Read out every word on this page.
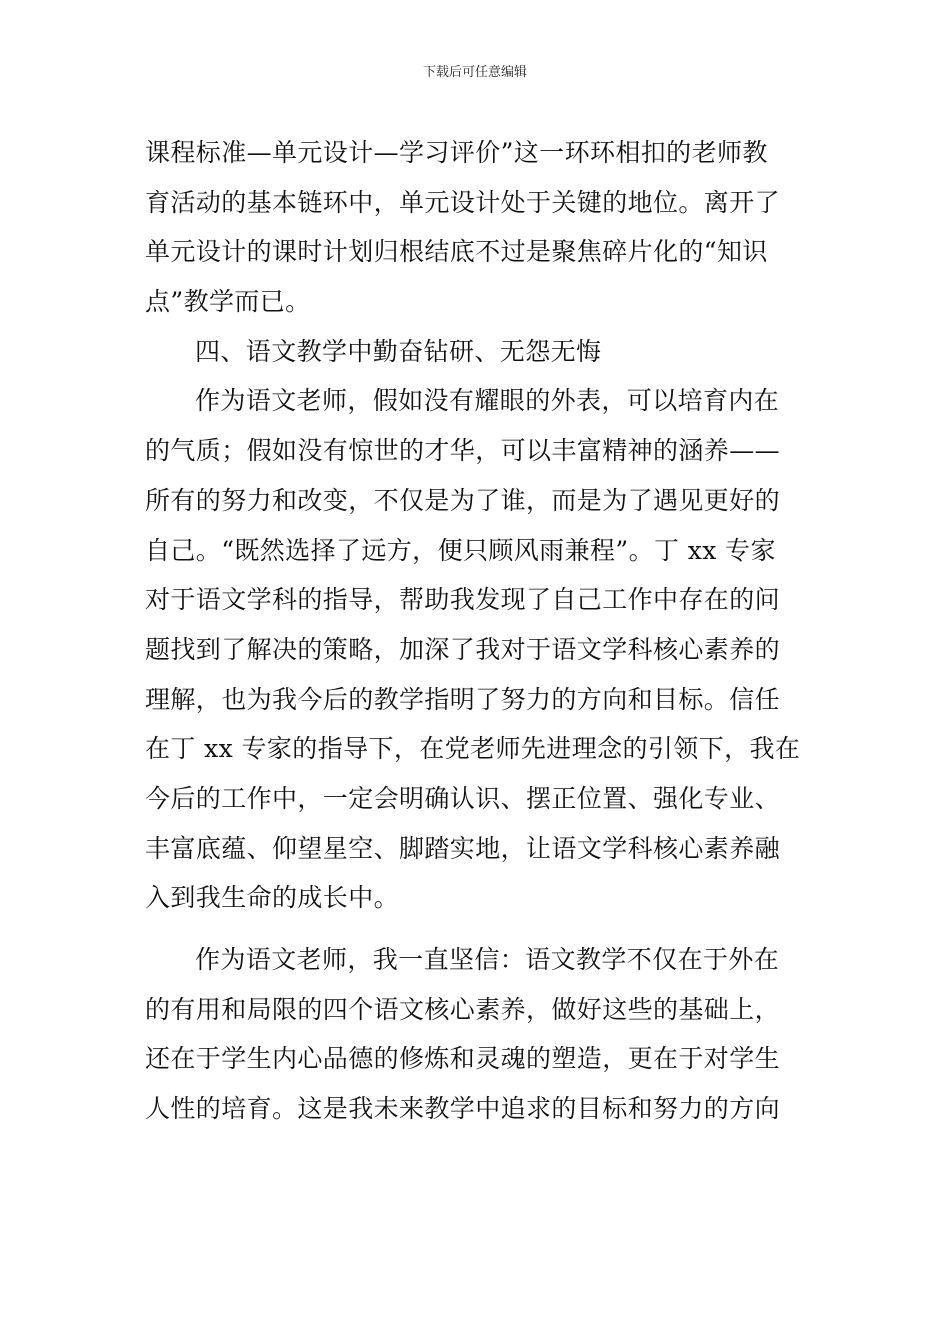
下载后可任意编辑
课程标准—单元设计—学习评价”这一环环相扣的老师教
育活动的基本链环中，单元设计处于关键的地位。离开了
单元设计的课时计划归根结底不过是聚焦碎片化的“知识
点”教学而已。
四、语文教学中勤奋钻研、无怨无悔
作为语文老师，假如没有耀眼的外表，可以培育内在
的气质；假如没有惊世的才华，可以丰富精神的涵养——
所有的努力和改变，不仅是为了谁，而是为了遇见更好的
自己。“既然选择了远方，便只顾风雨兼程”。丁 xx 专家
对于语文学科的指导，帮助我发现了自己工作中存在的问
题找到了解决的策略，加深了我对于语文学科核心素养的
理解，也为我今后的教学指明了努力的方向和目标。信任
在丁 xx 专家的指导下，在党老师先进理念的引领下，我在
今后的工作中，一定会明确认识、摆正位置、强化专业、
丰富底蕴、仰望星空、脚踏实地，让语文学科核心素养融
入到我生命的成长中。
作为语文老师，我一直坚信：语文教学不仅在于外在
的有用和局限的四个语文核心素养，做好这些的基础上，
还在于学生内心品德的修炼和灵魂的塑造，更在于对学生
人性的培育。这是我未来教学中追求的目标和努力的方向
